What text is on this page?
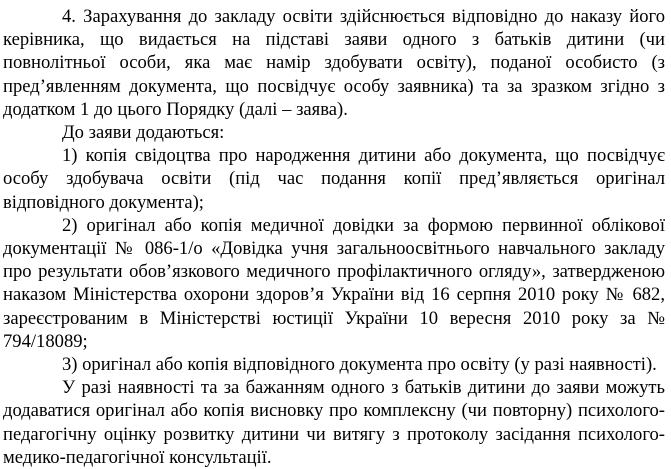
4. Зарахування до закладу освіти здійснюється відповідно до наказу його керівника, що видається на підставі заяви одного з батьків дитини (чи повнолітньої особи, яка має намір здобувати освіту), поданої особисто (з пред’явленням документа, що посвідчує особу заявника) та за зразком згідно з додатком 1 до цього Порядку (далі – заява).

До заяви додаються:

1) копія свідоцтва про народження дитини або документа, що посвідчує особу здобувача освіти (під час подання копії пред’являється оригінал відповідного документа);

2) оригінал або копія медичної довідки за формою первинної облікової документації № 086-1/о «Довідка учня загальноосвітнього навчального закладу про результати обов’язкового медичного профілактичного огляду», затвердженою наказом Міністерства охорони здоров’я України від 16 серпня 2010 року № 682, зареєстрованим в Міністерстві юстиції України 10 вересня 2010 року за № 794/18089;

3) оригінал або копія відповідного документа про освіту (у разі наявності).

У разі наявності та за бажанням одного з батьків дитини до заяви можуть додаватися оригінал або копія висновку про комплексну (чи повторну) психолого-педагогічну оцінку розвитку дитини чи витягу з протоколу засідання психолого-медико-педагогічної консультації.
